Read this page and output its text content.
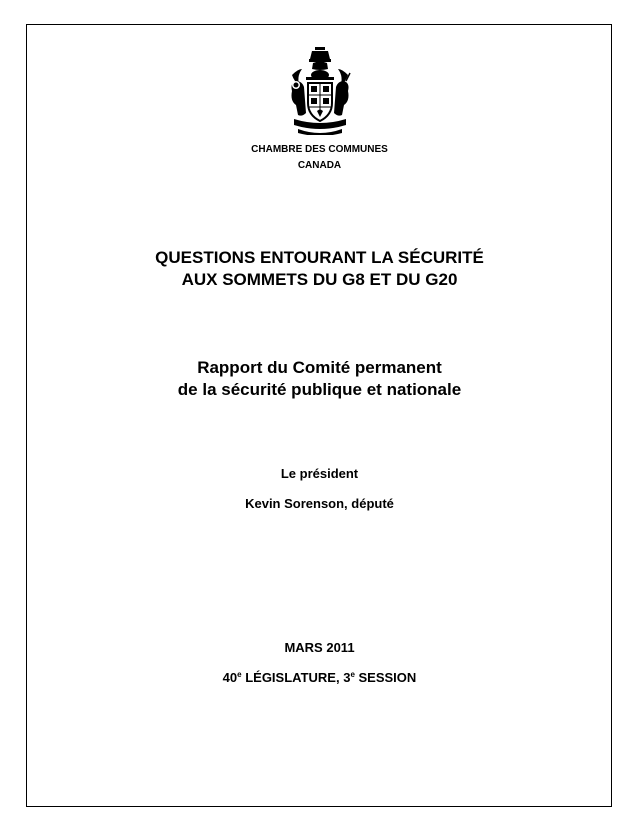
CHAMBRE DES COMMUNES

CANADA

QUESTIONS ENTOURANT LA SÉCURITÉ

AUX SOMMETS DU G8 ET DU G20

Rapport du Comité permanent

de la sécurité publique et nationale

Le président

Kevin Sorenson, député

MARS 2011

40e LÉGISLATURE, 3e SESSION
